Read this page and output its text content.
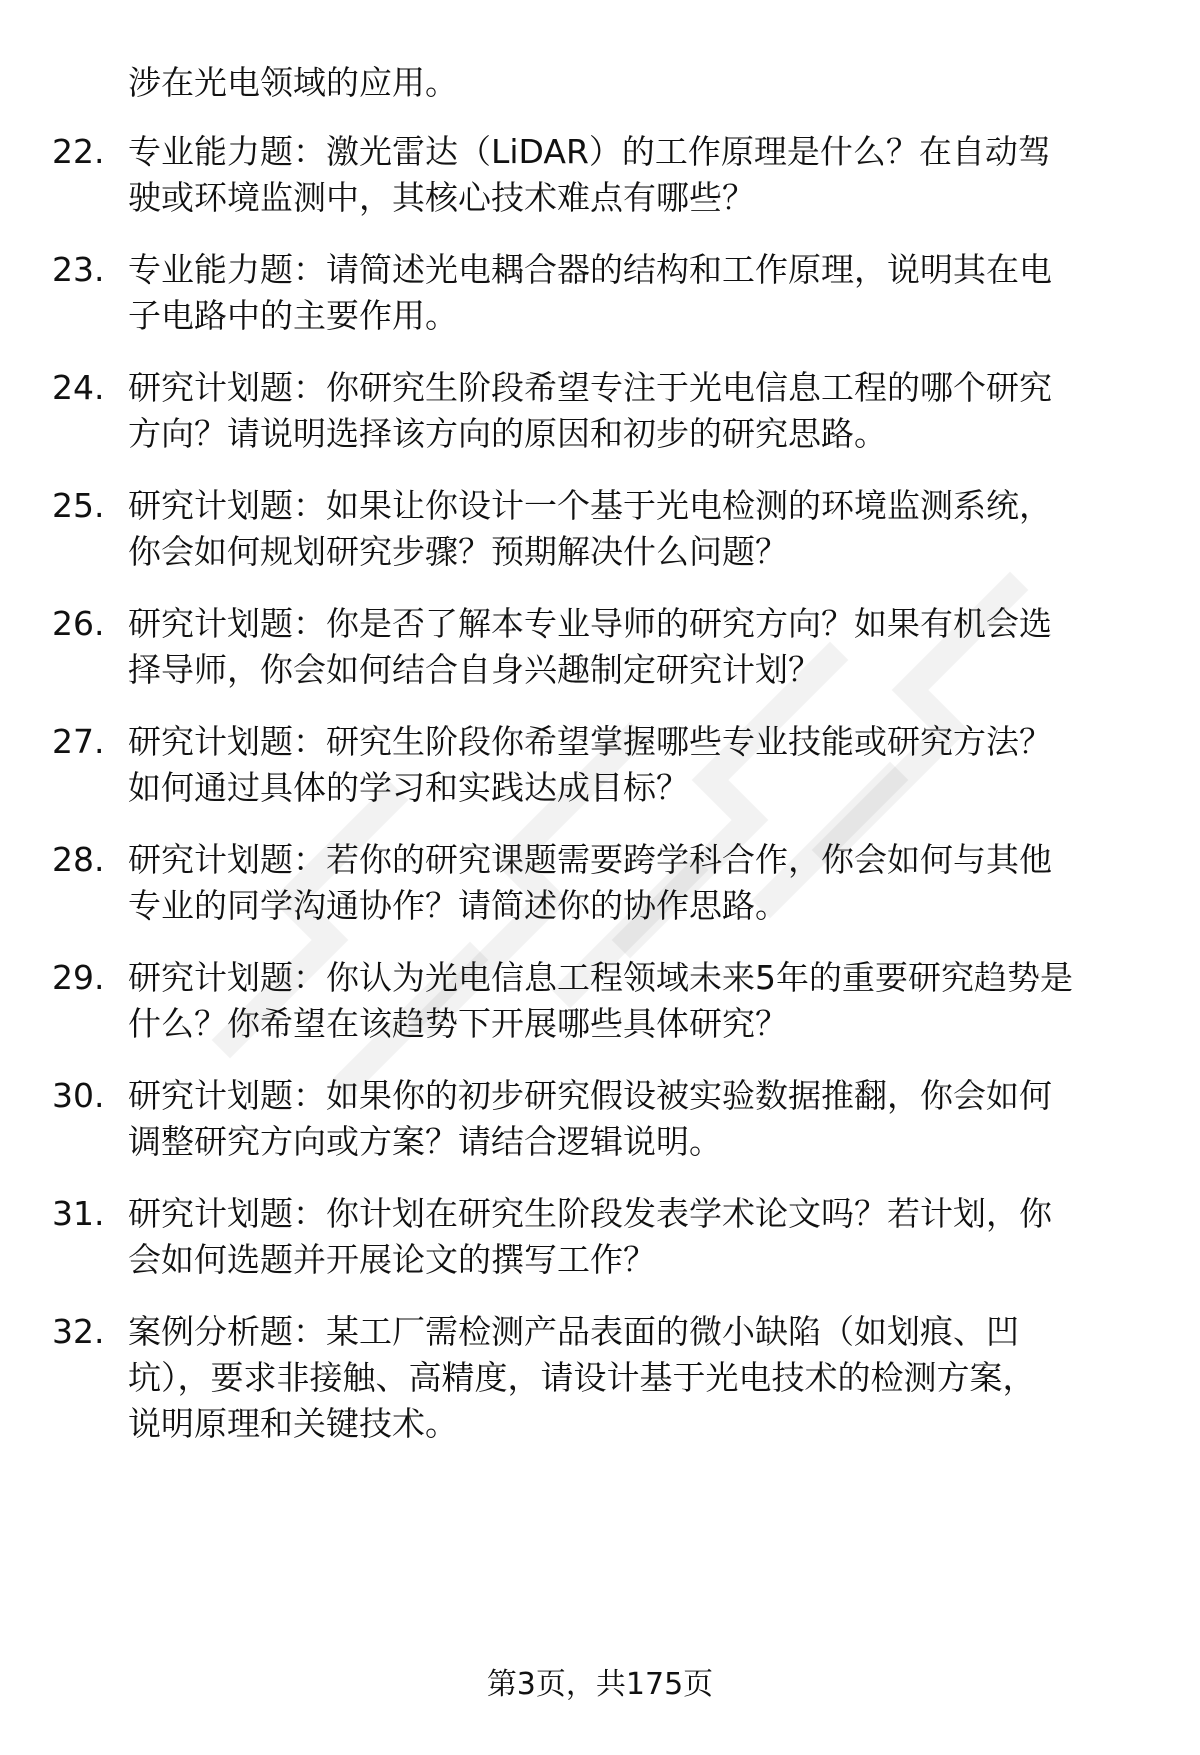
涉在光电领域的应用。
22. 专业能力题：激光雷达（LiDAR）的工作原理是什么？在自动驾
驶或环境监测中，其核心技术难点有哪些？
23. 专业能力题：请简述光电耦合器的结构和工作原理，说明其在电
子电路中的主要作用。
24. 研究计划题：你研究生阶段希望专注于光电信息工程的哪个研究
方向？请说明选择该方向的原因和初步的研究思路。
25. 研究计划题：如果让你设计一个基于光电检测的环境监测系统，
你会如何规划研究步骤？预期解决什么问题？
26. 研究计划题：你是否了解本专业导师的研究方向？如果有机会选
择导师，你会如何结合自身兴趣制定研究计划？
27. 研究计划题：研究生阶段你希望掌握哪些专业技能或研究方法？
如何通过具体的学习和实践达成目标？
28. 研究计划题：若你的研究课题需要跨学科合作，你会如何与其他
专业的同学沟通协作？请简述你的协作思路。
29. 研究计划题：你认为光电信息工程领域未来5年的重要研究趋势是
什么？你希望在该趋势下开展哪些具体研究？
30. 研究计划题：如果你的初步研究假设被实验数据推翻，你会如何
调整研究方向或方案？请结合逻辑说明。
31. 研究计划题：你计划在研究生阶段发表学术论文吗？若计划，你
会如何选题并开展论文的撰写工作？
32. 案例分析题：某工厂需检测产品表面的微小缺陷（如划痕、凹
坑），要求非接触、高精度，请设计基于光电技术的检测方案，
说明原理和关键技术。
第3页，共175页
